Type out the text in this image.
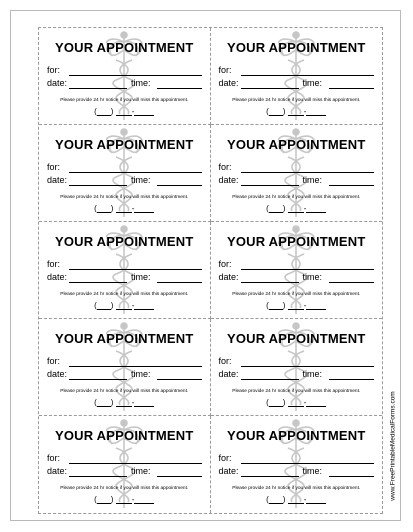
YOUR APPOINTMENT
for:
date:	time:
Please provide 24 hr notice if you will miss this appointment.
( ) -
YOUR APPOINTMENT
for:
date:	time:
Please provide 24 hr notice if you will miss this appointment.
( ) -
YOUR APPOINTMENT
for:
date:	time:
Please provide 24 hr notice if you will miss this appointment.
( ) -
YOUR APPOINTMENT
for:
date:	time:
Please provide 24 hr notice if you will miss this appointment.
( ) -
YOUR APPOINTMENT
for:
date:	time:
Please provide 24 hr notice if you will miss this appointment.
( ) -
YOUR APPOINTMENT
for:
date:	time:
Please provide 24 hr notice if you will miss this appointment.
( ) -
YOUR APPOINTMENT
for:
date:	time:
Please provide 24 hr notice if you will miss this appointment.
( ) -
YOUR APPOINTMENT
for:
date:	time:
Please provide 24 hr notice if you will miss this appointment.
( ) -
YOUR APPOINTMENT
for:
date:	time:
Please provide 24 hr notice if you will miss this appointment.
( ) -
YOUR APPOINTMENT
for:
date:	time:
Please provide 24 hr notice if you will miss this appointment.
( ) -	www.FreePrintableMedicalForms.com
